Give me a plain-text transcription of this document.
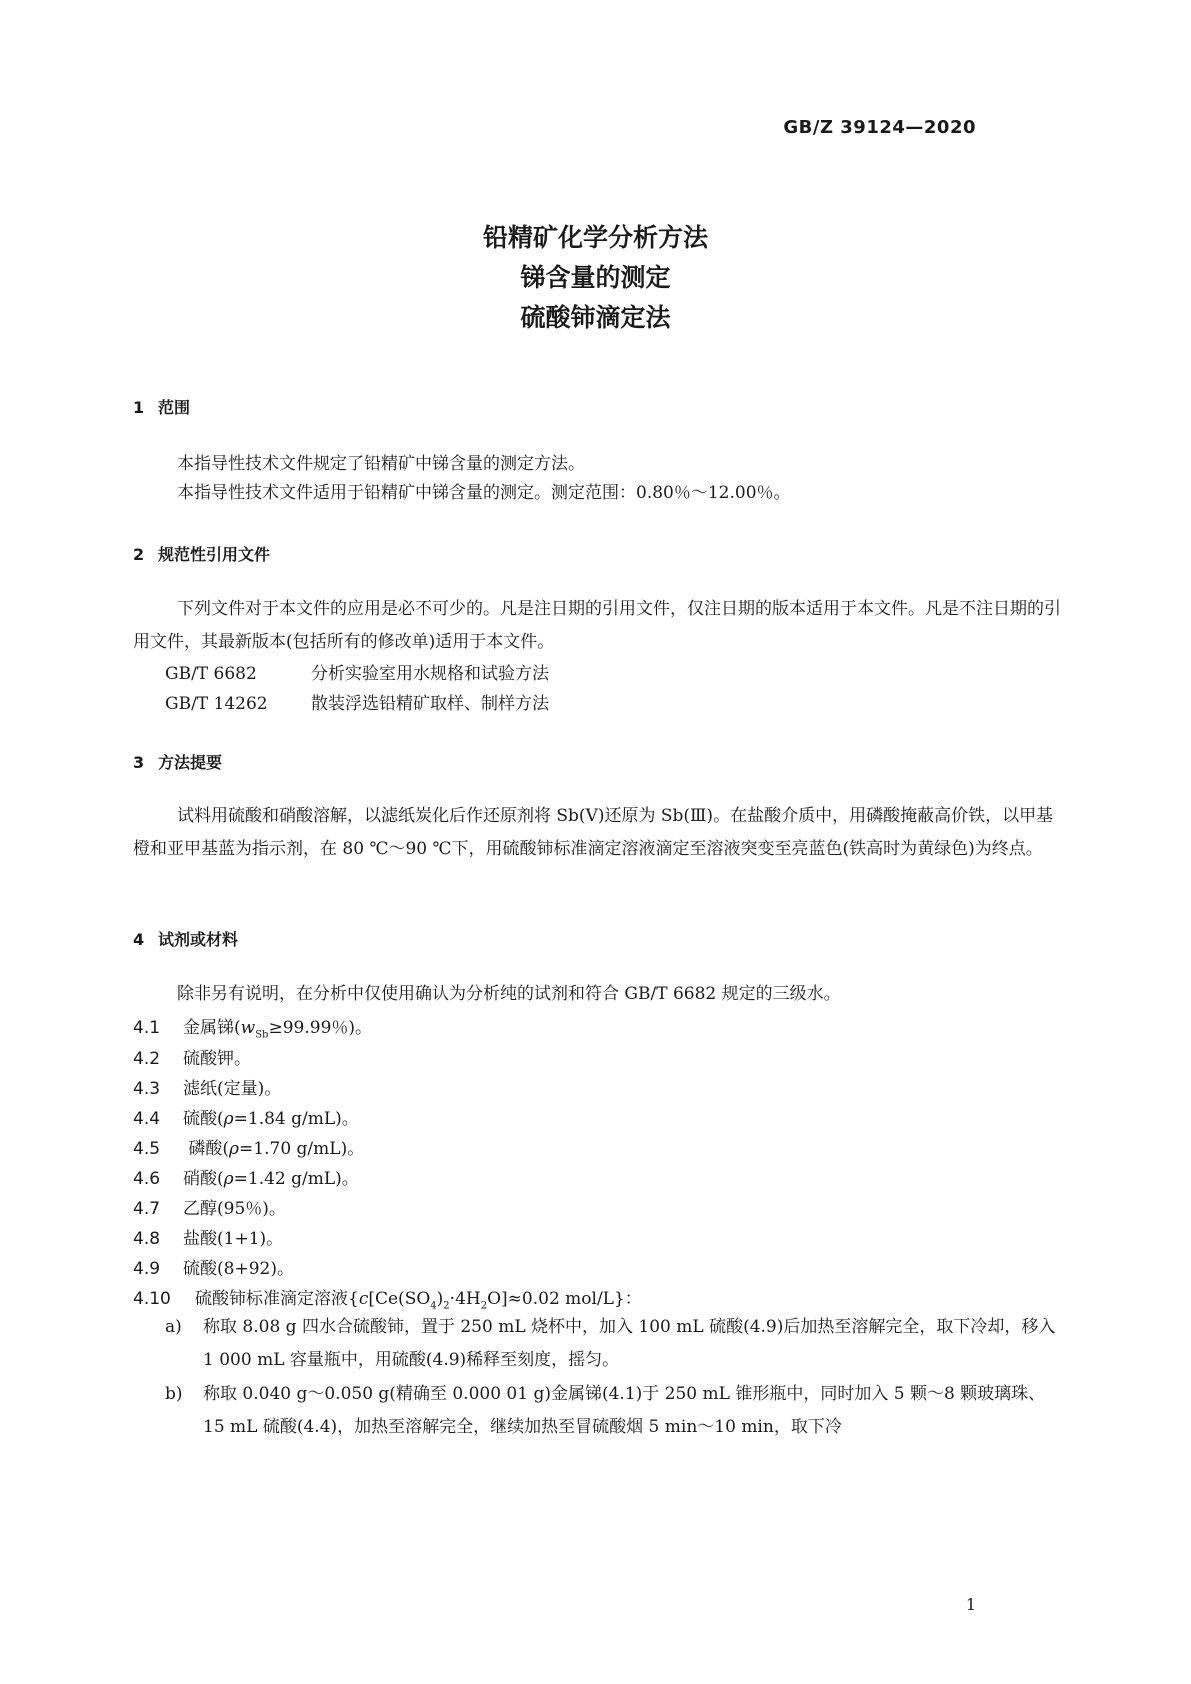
GB/Z 39124—2020
铅精矿化学分析方法
锑含量的测定
硫酸铈滴定法
1 范围
本指导性技术文件规定了铅精矿中锑含量的测定方法。
本指导性技术文件适用于铅精矿中锑含量的测定。测定范围：0.80％～12.00％。
2 规范性引用文件
下列文件对于本文件的应用是必不可少的。凡是注日期的引用文件，仅注日期的版本适用于本文件。凡是不注日期的引用文件，其最新版本(包括所有的修改单)适用于本文件。
GB/T 6682	分析实验室用水规格和试验方法
GB/T 14262	散装浮选铅精矿取样、制样方法
3 方法提要
试料用硫酸和硝酸溶解，以滤纸炭化后作还原剂将 Sb(Ⅴ)还原为 Sb(Ⅲ)。在盐酸介质中，用磷酸掩蔽高价铁，以甲基橙和亚甲基蓝为指示剂，在 80 ℃～90 ℃下，用硫酸铈标准滴定溶液滴定至溶液突变至亮蓝色(铁高时为黄绿色)为终点。
4 试剂或材料
除非另有说明，在分析中仅使用确认为分析纯的试剂和符合 GB/T 6682 规定的三级水。
4.1 金属锑($w_{Sb}\ge 99.99$％)。
4.2 硫酸钾。
4.3 滤纸(定量)。
4.4 硫酸(ρ=1.84 g/mL)。
4.5 磷酸(ρ=1.70 g/mL)。
4.6 硝酸(ρ=1.42 g/mL)。
4.7 乙醇(95％)。
4.8 盐酸(1+1)。
4.9 硫酸(8+92)。
4.10 硫酸铈标准滴定溶液{$c[Ce(SO_4)_2\cdot 4H_2O]\approx 0.02$ mol/L}：
a) 称取 8.08 g 四水合硫酸铈，置于 250 mL 烧杯中，加入 100 mL 硫酸(4.9)后加热至溶解完全，取下冷却，移入 1 000 mL 容量瓶中，用硫酸(4.9)稀释至刻度，摇匀。
b) 称取 0.040 g～0.050 g(精确至 0.000 01 g)金属锑(4.1)于 250 mL 锥形瓶中，同时加入 5 颗～8 颗玻璃珠、15 mL 硫酸(4.4)，加热至溶解完全，继续加热至冒硫酸烟 5 min～10 min，取下冷
1
